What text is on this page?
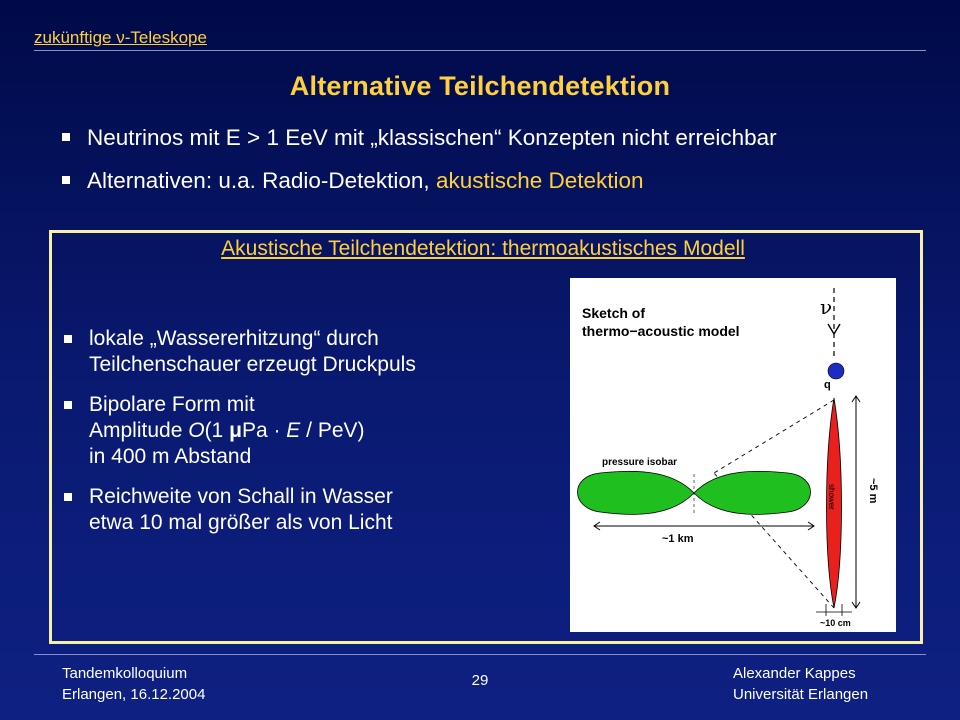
zukünftige ν-Teleskope
Alternative Teilchendetektion
Neutrinos mit E > 1 EeV mit „klassischen“ Konzepten nicht erreichbar
Alternativen: u.a. Radio-Detektion, akustische Detektion
Akustische Teilchendetektion: thermoakustisches Modell
lokale „Wassererhitzung“ durch
Teilchenschauer erzeugt Druckpuls
Bipolare Form mit
Amplitude O(1 μPa · E / PeV)
in 400 m Abstand
Reichweite von Schall in Wasser
etwa 10 mal größer als von Licht
Sketch of
thermo−acoustic model
ν
pressure isobar
~1 km
q
shower	~5 m
~10 cm
Tandemkolloquium
Erlangen, 16.12.2004
29	Alexander Kappes
Universität Erlangen
